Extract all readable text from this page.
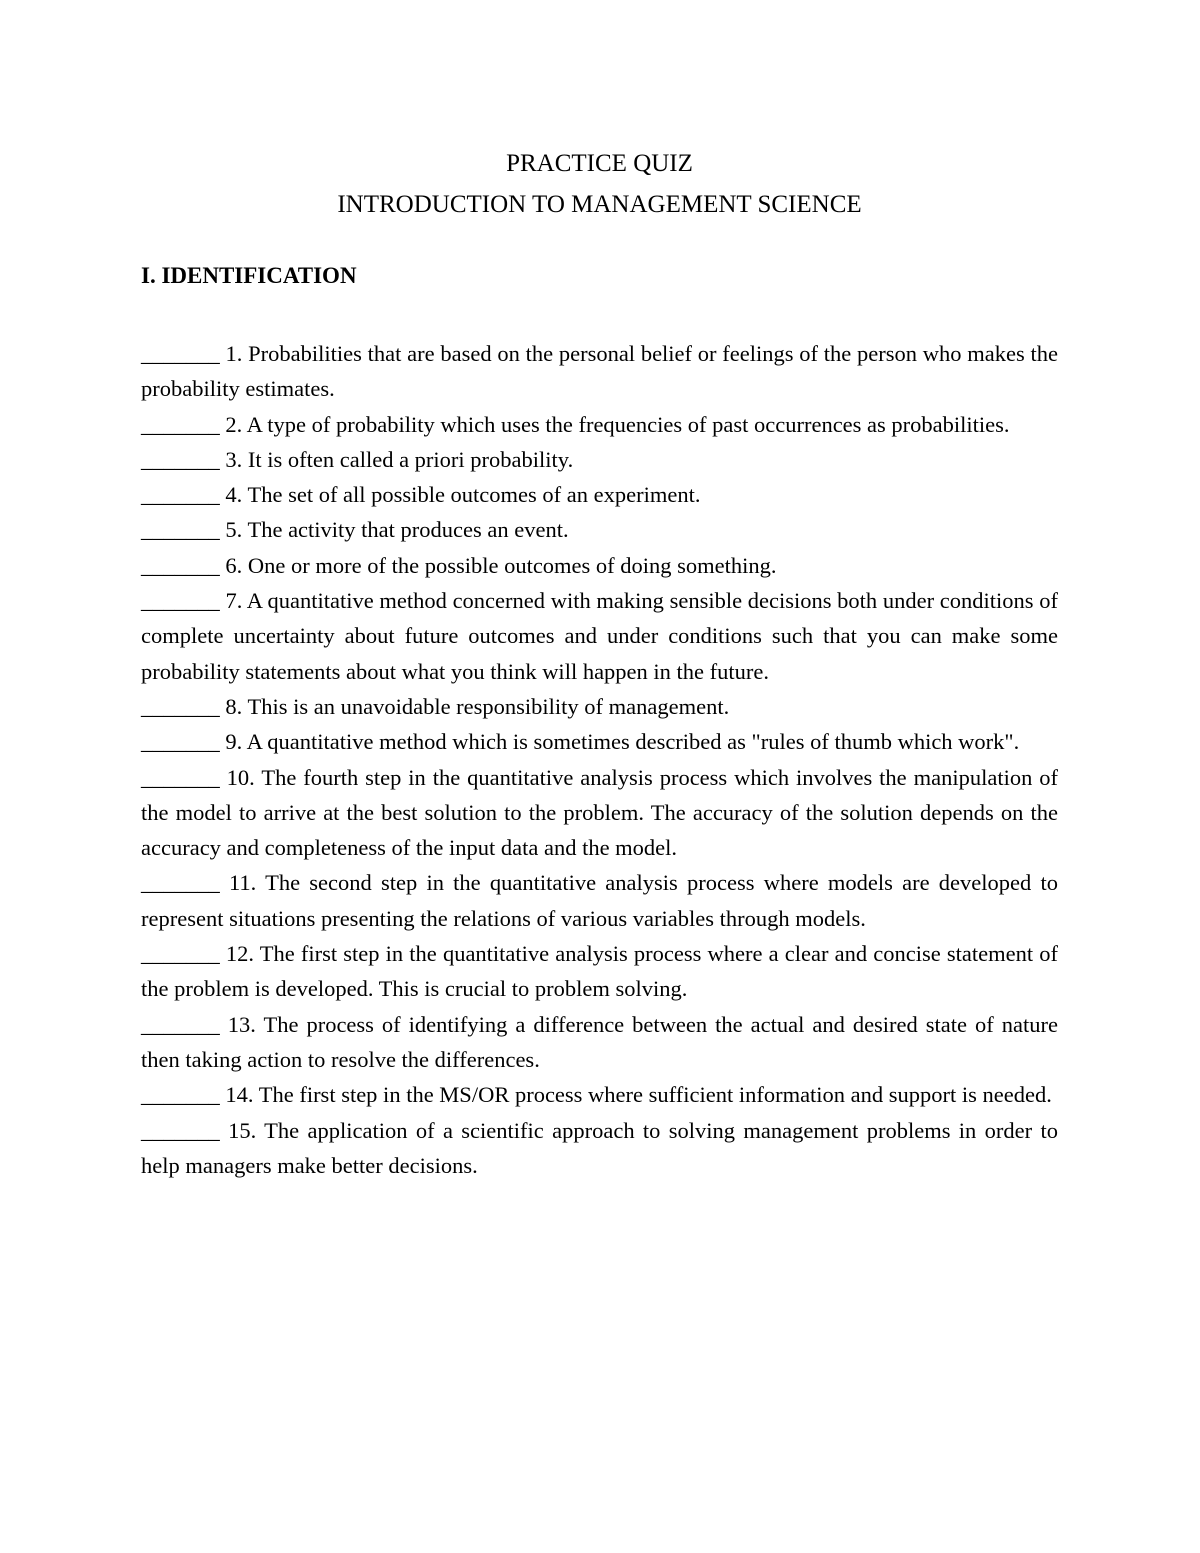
PRACTICE QUIZ
INTRODUCTION TO MANAGEMENT SCIENCE
I. IDENTIFICATION
_______ 1. Probabilities that are based on the personal belief or feelings of the person who makes the probability estimates.
_______ 2. A type of probability which uses the frequencies of past occurrences as probabilities.
_______ 3. It is often called a priori probability.
_______ 4. The set of all possible outcomes of an experiment.
_______ 5. The activity that produces an event.
_______ 6. One or more of the possible outcomes of doing something.
_______ 7. A quantitative method concerned with making sensible decisions both under conditions of complete uncertainty about future outcomes and under conditions such that you can make some probability statements about what you think will happen in the future.
_______ 8. This is an unavoidable responsibility of management.
_______ 9. A quantitative method which is sometimes described as "rules of thumb which work".
_______ 10. The fourth step in the quantitative analysis process which involves the manipulation of the model to arrive at the best solution to the problem. The accuracy of the solution depends on the accuracy and completeness of the input data and the model.
_______ 11. The second step in the quantitative analysis process where models are developed to represent situations presenting the relations of various variables through models.
_______ 12. The first step in the quantitative analysis process where a clear and concise statement of the problem is developed. This is crucial to problem solving.
_______ 13. The process of identifying a difference between the actual and desired state of nature then taking action to resolve the differences.
_______ 14. The first step in the MS/OR process where sufficient information and support is needed.
_______ 15. The application of a scientific approach to solving management problems in order to help managers make better decisions.
